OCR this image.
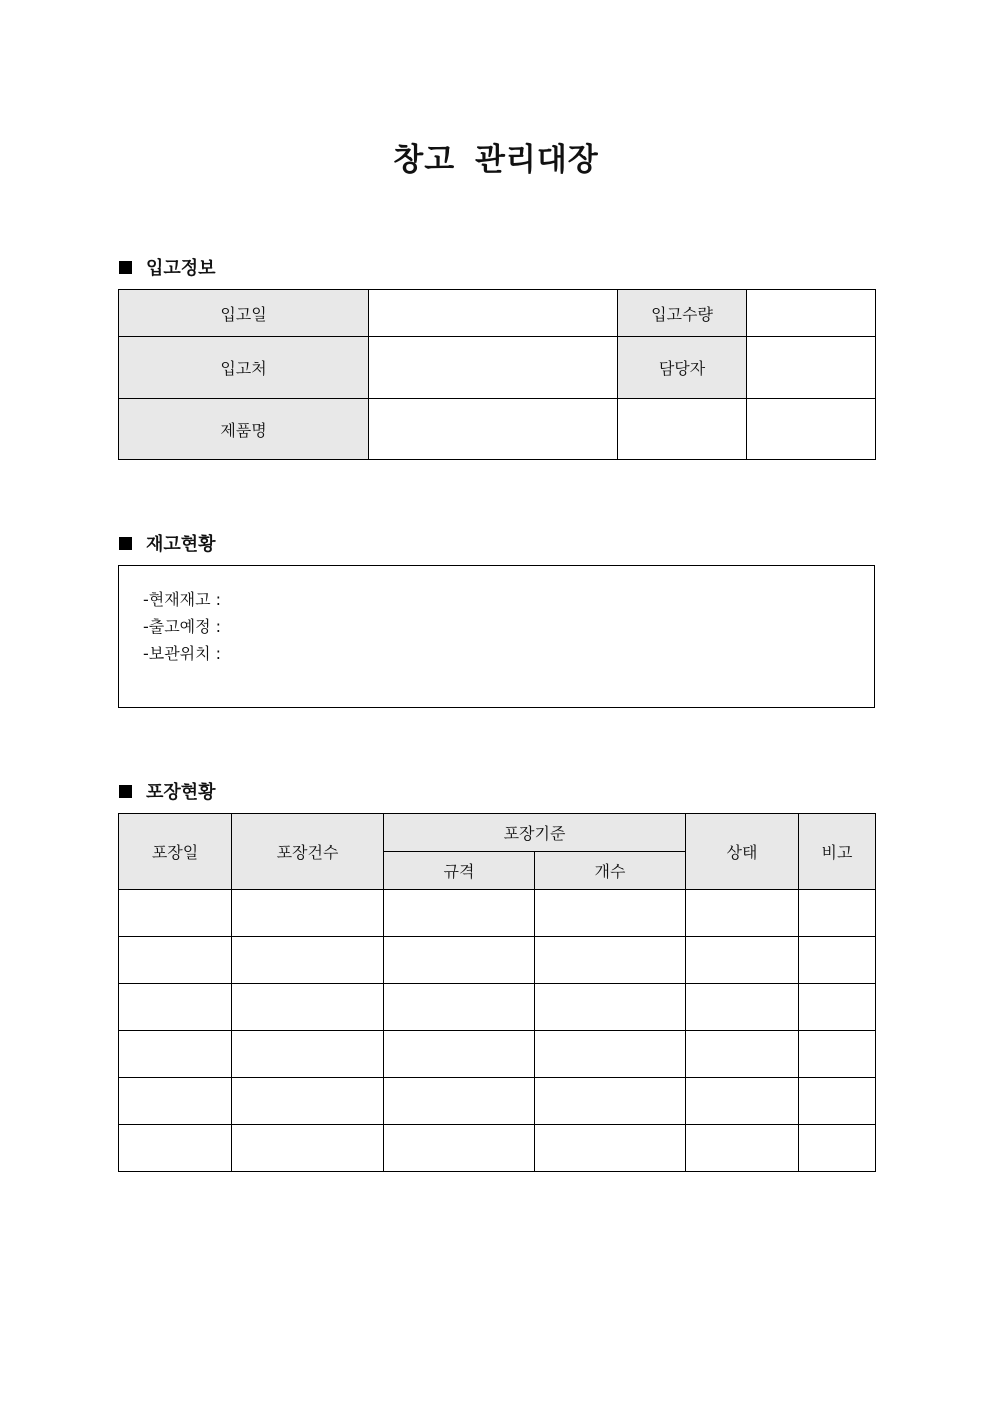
창고 관리대장
입고정보
입고일		입고수량	
입고처		담당자	
제품명			
재고현황
-현재재고 :
-출고예정 :
-보관위치 :
포장현황
포장일	포장건수	포장기준		상태	비고
		규격	개수		
